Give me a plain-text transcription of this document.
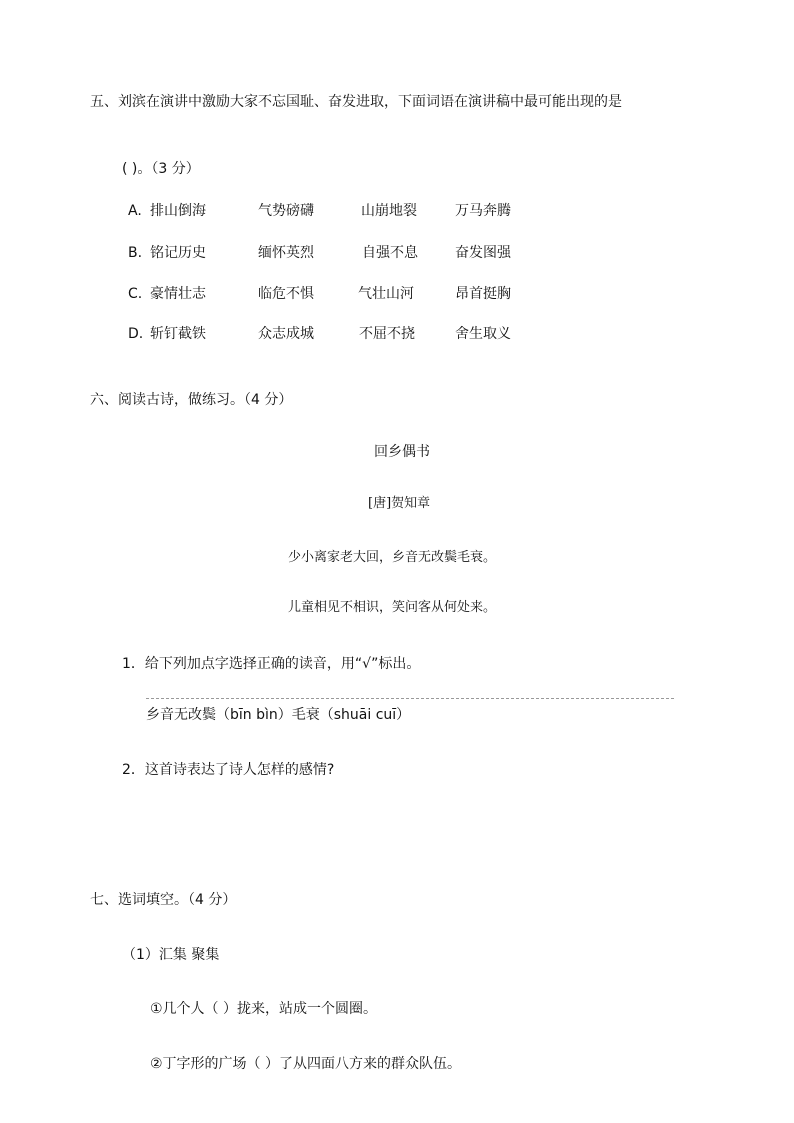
五、刘滨在演讲中激励大家不忘国耻、奋发进取，下面词语在演讲稿中最可能出现的是
( )。（3 分）
A. 排山倒海	气势磅礴	山崩地裂	万马奔腾
B. 铭记历史	缅怀英烈	自强不息	奋发图强
C. 豪情壮志	临危不惧	气壮山河	昂首挺胸
D. 斩钉截铁	众志成城	不屈不挠	舍生取义
六、阅读古诗，做练习。（4 分）
回乡偶书
[唐]贺知章
少小离家老大回，乡音无改鬓毛衰。
儿童相见不相识，笑问客从何处来。
1．给下列加点字选择正确的读音，用“√”标出。
乡音无改鬓（bīn bìn）毛衰（shuāi cuī）
2．这首诗表达了诗人怎样的感情?
七、选词填空。（4 分）
（1）汇集 聚集
①几个人（ ）拢来，站成一个圆圈。
②丁字形的广场（ ）了从四面八方来的群众队伍。
